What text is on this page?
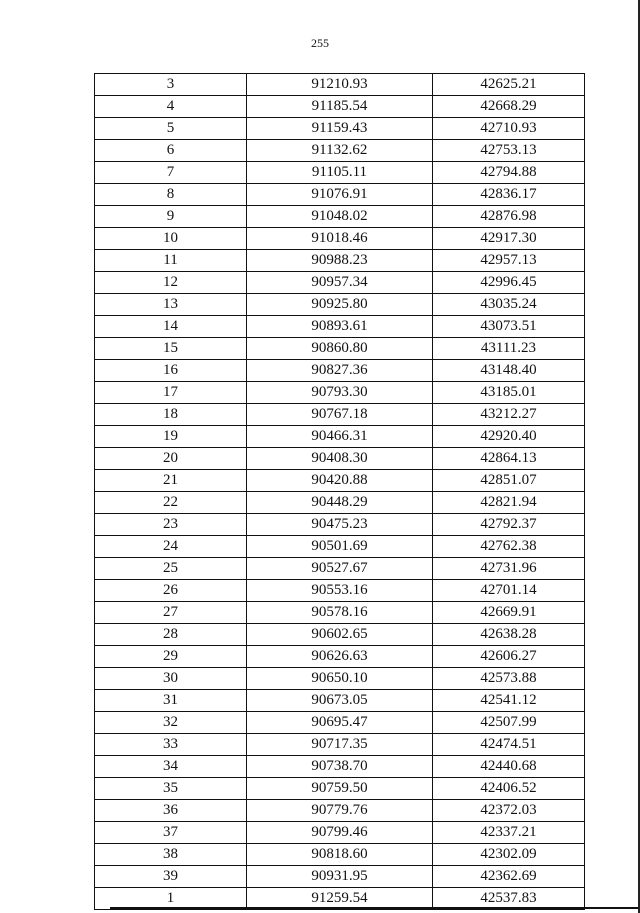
255
3	91210.93	42625.21
4	91185.54	42668.29
5	91159.43	42710.93
6	91132.62	42753.13
7	91105.11	42794.88
8	91076.91	42836.17
9	91048.02	42876.98
10	91018.46	42917.30
11	90988.23	42957.13
12	90957.34	42996.45
13	90925.80	43035.24
14	90893.61	43073.51
15	90860.80	43111.23
16	90827.36	43148.40
17	90793.30	43185.01
18	90767.18	43212.27
19	90466.31	42920.40
20	90408.30	42864.13
21	90420.88	42851.07
22	90448.29	42821.94
23	90475.23	42792.37
24	90501.69	42762.38
25	90527.67	42731.96
26	90553.16	42701.14
27	90578.16	42669.91
28	90602.65	42638.28
29	90626.63	42606.27
30	90650.10	42573.88
31	90673.05	42541.12
32	90695.47	42507.99
33	90717.35	42474.51
34	90738.70	42440.68
35	90759.50	42406.52
36	90779.76	42372.03
37	90799.46	42337.21
38	90818.60	42302.09
39	90931.95	42362.69
1	91259.54	42537.83
